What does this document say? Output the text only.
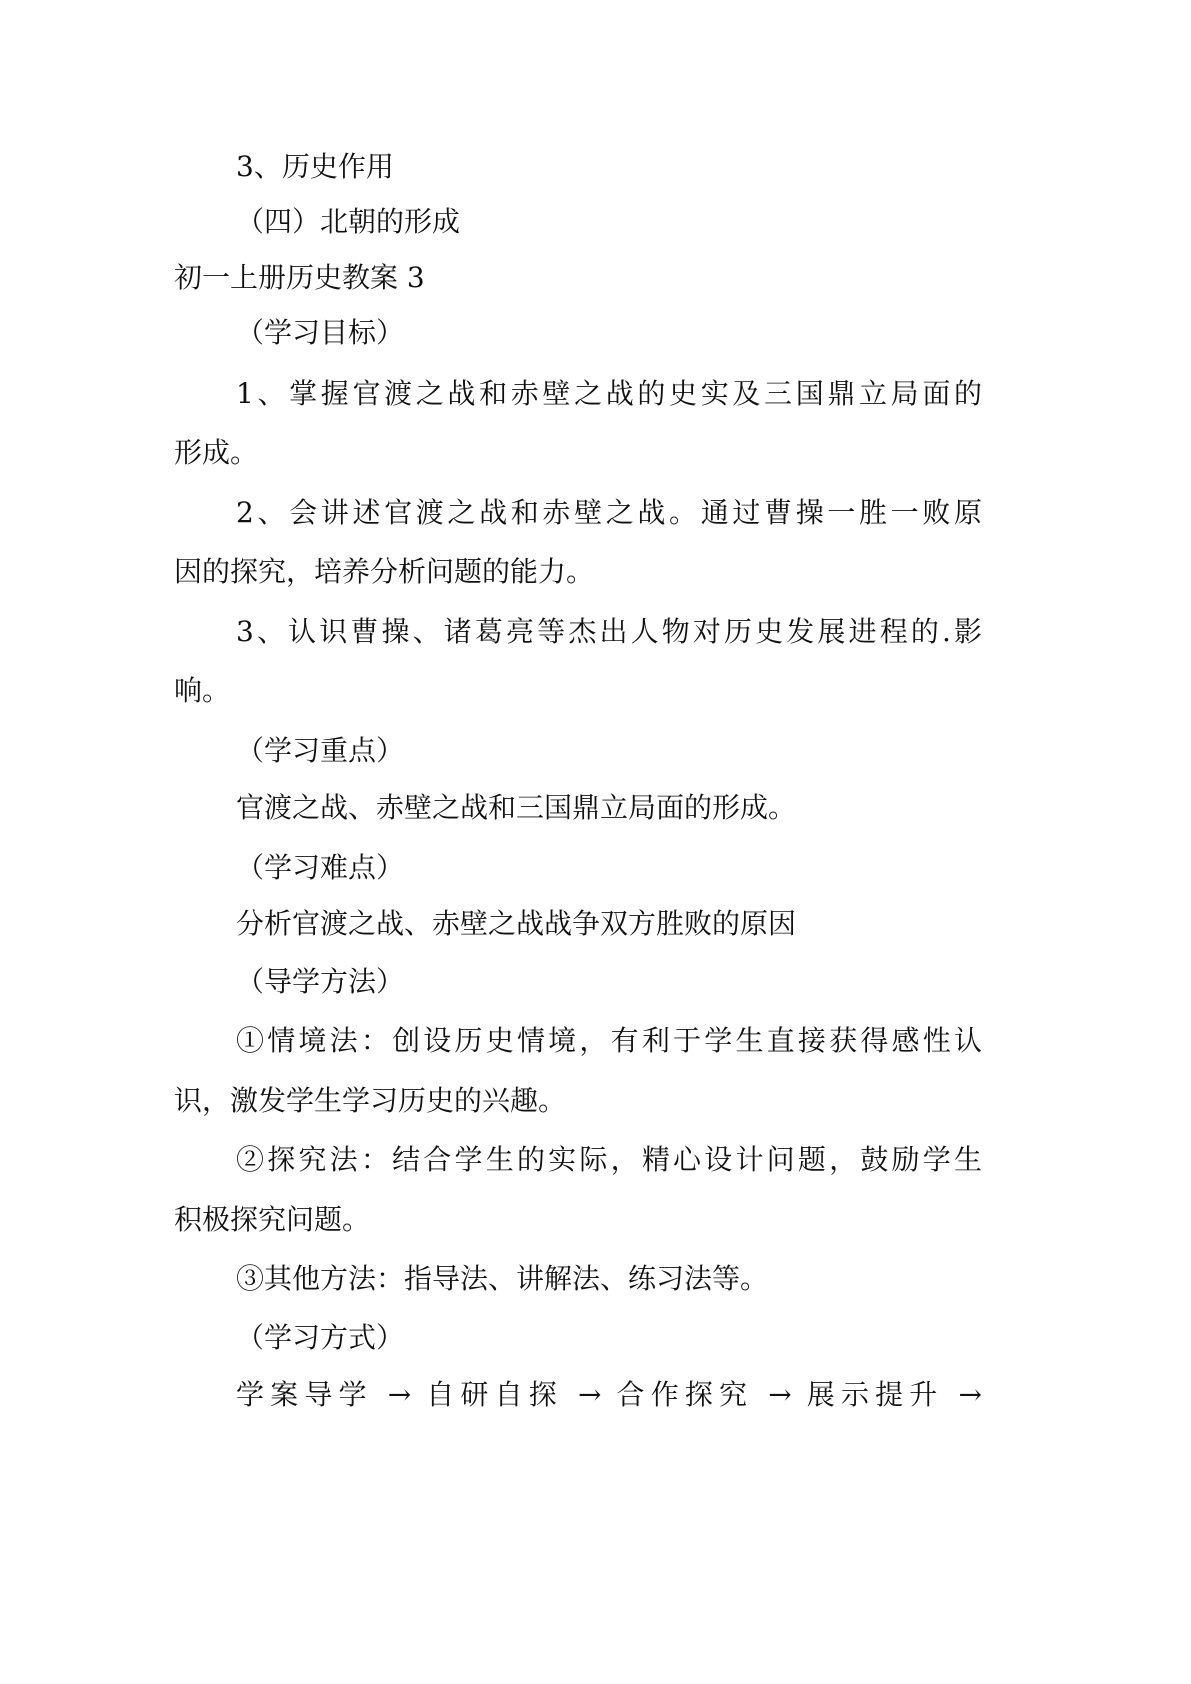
3、历史作用
（四）北朝的形成
初一上册历史教案 3
（学习目标）
1、掌握官渡之战和赤壁之战的史实及三国鼎立局面的
形成。
2、会讲述官渡之战和赤壁之战。通过曹操一胜一败原
因的探究，培养分析问题的能力。
3、认识曹操、诸葛亮等杰出人物对历史发展进程的.影
响。
（学习重点）
官渡之战、赤壁之战和三国鼎立局面的形成。
（学习难点）
分析官渡之战、赤壁之战战争双方胜败的原因
（导学方法）
①情境法：创设历史情境，有利于学生直接获得感性认
识，激发学生学习历史的兴趣。
②探究法：结合学生的实际，精心设计问题，鼓励学生
积极探究问题。
③其他方法：指导法、讲解法、练习法等。
（学习方式）
学案导学 → 自研自探 → 合作探究 → 展示提升 →
